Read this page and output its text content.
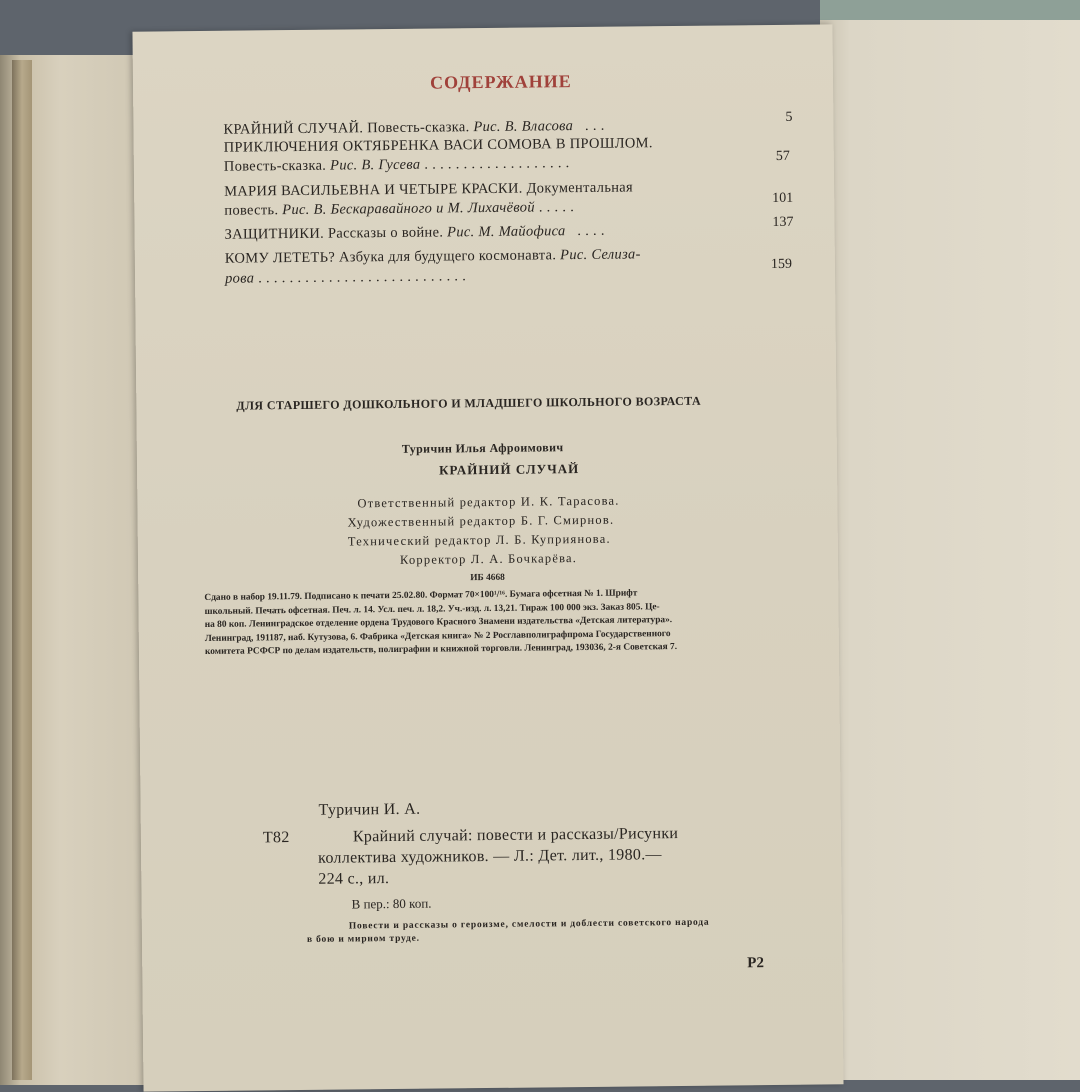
СОДЕРЖАНИЕ
КРАЙНИЙ СЛУЧАЙ. Повесть-сказка. Рис. В. Власова . . .
5
ПРИКЛЮЧЕНИЯ ОКТЯБРЕНКА ВАСИ СОМОВА В ПРОШЛОМ.
Повесть-сказка. Рис. В. Гусева . . . . . . . . . . . . . . . . . . .	57
МАРИЯ ВАСИЛЬЕВНА И ЧЕТЫРЕ КРАСКИ. Документальная
повесть. Рис. В. Бескаравайного и М. Лихачёвой . . . . .
101
ЗАЩИТНИКИ. Рассказы о войне. Рис. М. Майофиса . . . .
137
КОМУ ЛЕТЕТЬ? Азбука для будущего космонавта. Рис. Селиза-
рова . . . . . . . . . . . . . . . . . . . . . . . . . . .
159
ДЛЯ СТАРШЕГО ДОШКОЛЬНОГО И МЛАДШЕГО ШКОЛЬНОГО ВОЗРАСТА
Туричин Илья Афроимович
КРАЙНИЙ СЛУЧАЙ
Ответственный редактор И. К. Тарасова.
Художественный редактор Б. Г. Смирнов.
Технический редактор Л. Б. Куприянова.
Корректор Л. А. Бочкарёва.
ИБ 4668
Сдано в набор 19.11.79. Подписано к печати 25.02.80. Формат 70×100¹/¹⁶. Бумага офсетная № 1. Шрифт
школьный. Печать офсетная. Печ. л. 14. Усл. печ. л. 18,2. Уч.-изд. л. 13,21. Тираж 100 000 экз. Заказ 805. Це-
на 80 коп. Ленинградское отделение ордена Трудового Красного Знамени издательства «Детская литература».
Ленинград, 191187, наб. Кутузова, 6. Фабрика «Детская книга» № 2 Росглавполиграфпрома Государственного
комитета РСФСР по делам издательств, полиграфии и книжной торговли. Ленинград, 193036, 2-я Советская 7.
Туричин И. А.
Т82	Крайний случай: повести и рассказы/Рисунки
коллектива художников. — Л.: Дет. лит., 1980.—
224 с., ил.
В пер.: 80 коп.
Повести и рассказы о героизме, смелости и доблести советского народа
в бою и мирном труде.
Р2
